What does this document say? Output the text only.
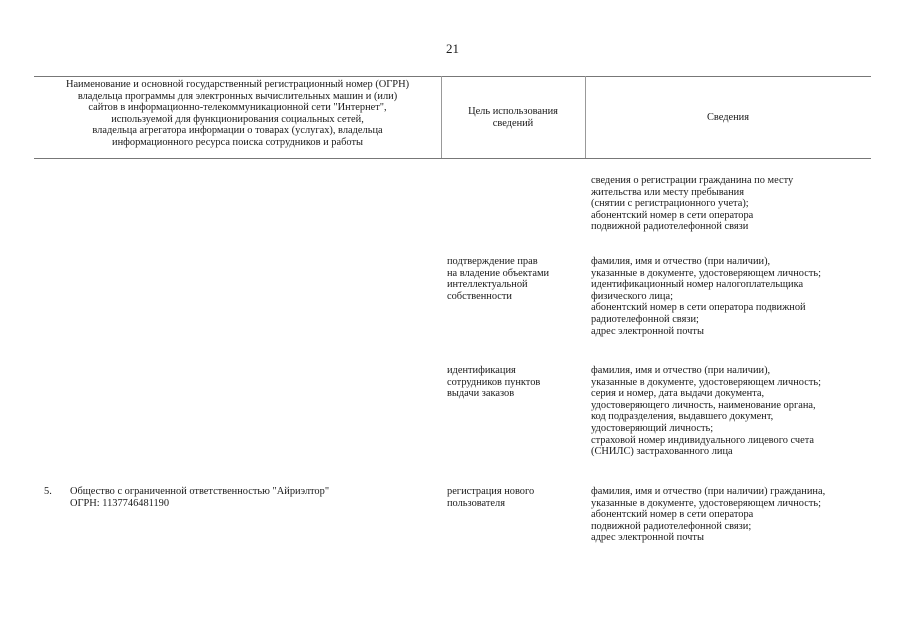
21
Наименование и основной государственный регистрационный номер (ОГРН)
владельца программы для электронных вычислительных машин и (или)
сайтов в информационно-телекоммуникационной сети "Интернет",
используемой для функционирования социальных сетей,
владельца агрегатора информации о товарах (услугах), владельца
информационного ресурса поиска сотрудников и работы
Цель использования
сведений
Сведения
сведения о регистрации гражданина по месту
жительства или месту пребывания
(снятии с регистрационного учета);
абонентский номер в сети оператора
подвижной радиотелефонной связи
подтверждение прав
на владение объектами
интеллектуальной
собственности
фамилия, имя и отчество (при наличии),
указанные в документе, удостоверяющем личность;
идентификационный номер налогоплательщика
физического лица;
абонентский номер в сети оператора подвижной
радиотелефонной связи;
адрес электронной почты
идентификация
сотрудников пунктов
выдачи заказов
фамилия, имя и отчество (при наличии),
указанные в документе, удостоверяющем личность;
серия и номер, дата выдачи документа,
удостоверяющего личность, наименование органа,
код подразделения, выдавшего документ,
удостоверяющий личность;
страховой номер индивидуального лицевого счета
(СНИЛС) застрахованного лица
5. Общество с ограниченной ответственностью "Айриэлтор"
ОГРН: 1137746481190
регистрация нового
пользователя
фамилия, имя и отчество (при наличии) гражданина,
указанные в документе, удостоверяющем личность;
абонентский номер в сети оператора
подвижной радиотелефонной связи;
адрес электронной почты
